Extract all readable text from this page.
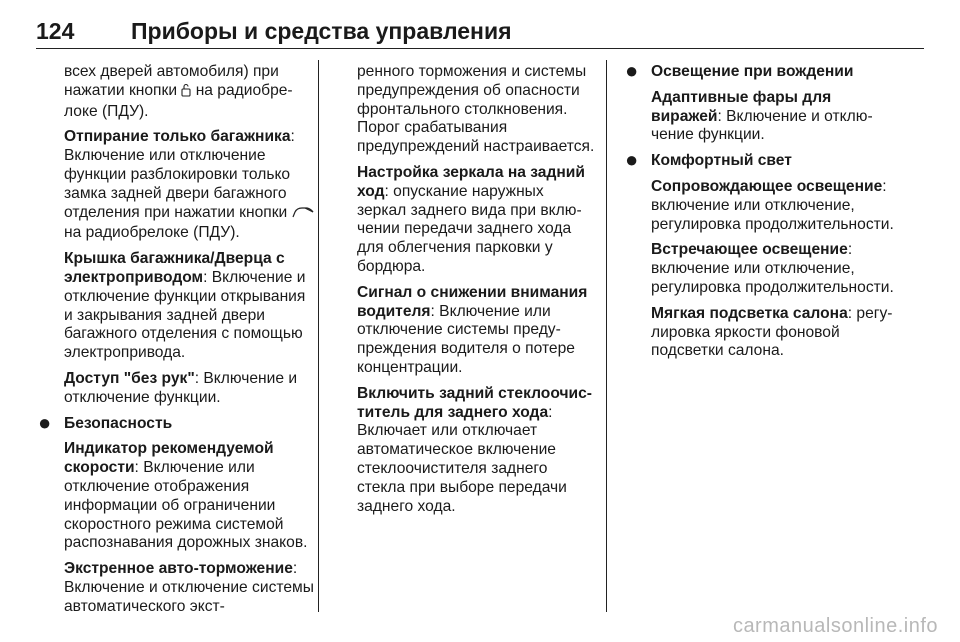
124 Приборы и средства управления

всех дверей автомобиля) при нажатии кнопки  на радиобрелоке (ПДУ).

Отпирание только багажника: Включение или отключение функции разблокировки только замка задней двери багажного отделения при нажатии кнопки  на радиобрелоке (ПДУ).

Крышка багажника/Дверца с электроприводом: Включение и отключение функции открывания и закрывания задней двери багажного отделения с помощью электропривода.

Доступ "без рук": Включение и отключение функции.

● Безопасность

Индикатор рекомендуемой скорости: Включение или отключение отображения информации об ограничении скоростного режима системой распознавания дорожных знаков.

Экстренное авто-торможение: Включение и отключение системы автоматического экст-

ренного торможения и системы предупреждения об опасности фронтального столкновения. Порог срабатывания предупреждений настраивается.

Настройка зеркала на задний ход: опускание наружных зеркал заднего вида при включении передачи заднего хода для облегчения парковки у бордюра.

Сигнал о снижении внимания водителя: Включение или отключение системы предупреждения водителя о потере концентрации.

Включить задний стеклоочиститель для заднего хода: Включает или отключает автоматическое включение стеклоочистителя заднего стекла при выборе передачи заднего хода.

● Освещение при вождении

Адаптивные фары для виражей: Включение и отключение функции.

● Комфортный свет

Сопровождающее освещение: включение или отключение, регулировка продолжительности.

Встречающее освещение: включение или отключение, регулировка продолжительности.

Мягкая подсветка салона: регулировка яркости фоновой подсветки салона.

carmanualsonline.info
